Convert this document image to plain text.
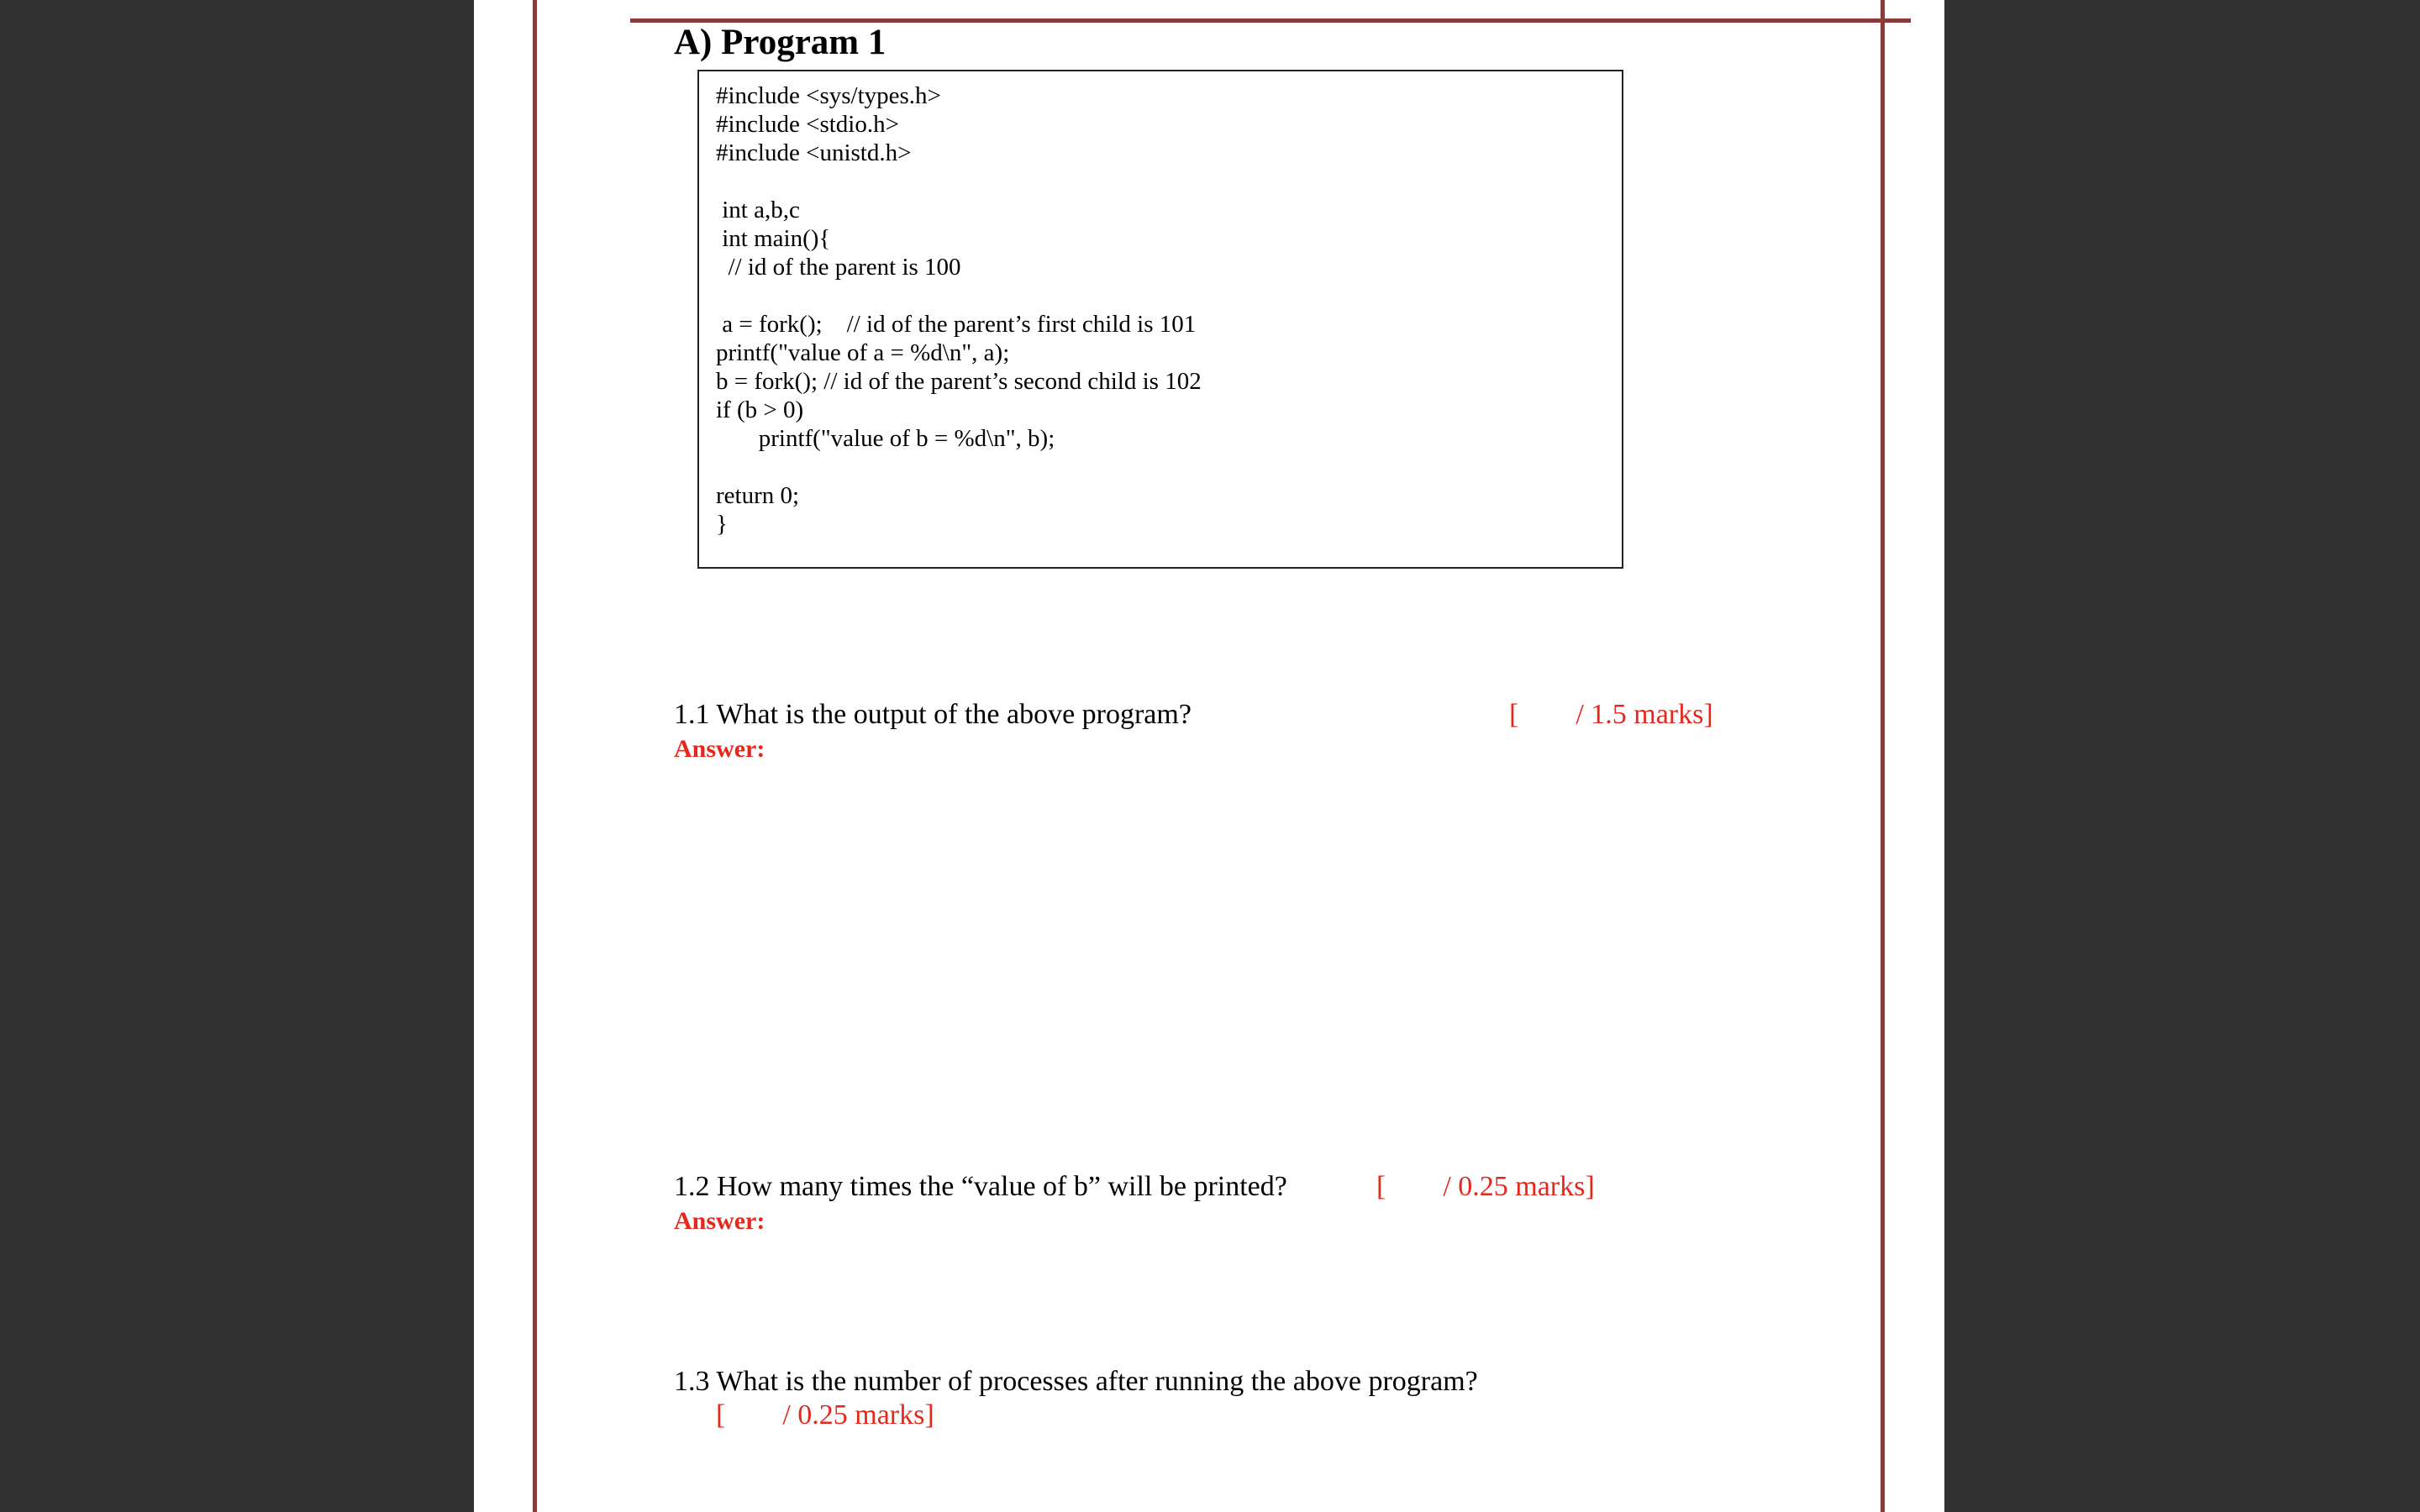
A) Program 1
#include <sys/types.h>
#include <stdio.h>
#include <unistd.h>
int a,b,c
int main(){
// id of the parent is 100
a = fork();    // id of the parent’s first child is 101
printf("value of a = %d\n", a);
b = fork(); // id of the parent’s second child is 102
if (b > 0)
printf("value of b = %d\n", b);
return 0;
}
1.1 What is the output of the above program?	[        / 1.5 marks]
Answer:
1.2 How many times the “value of b” will be printed?	[        / 0.25 marks]
Answer:
1.3 What is the number of processes after running the above program?
[        / 0.25 marks]
